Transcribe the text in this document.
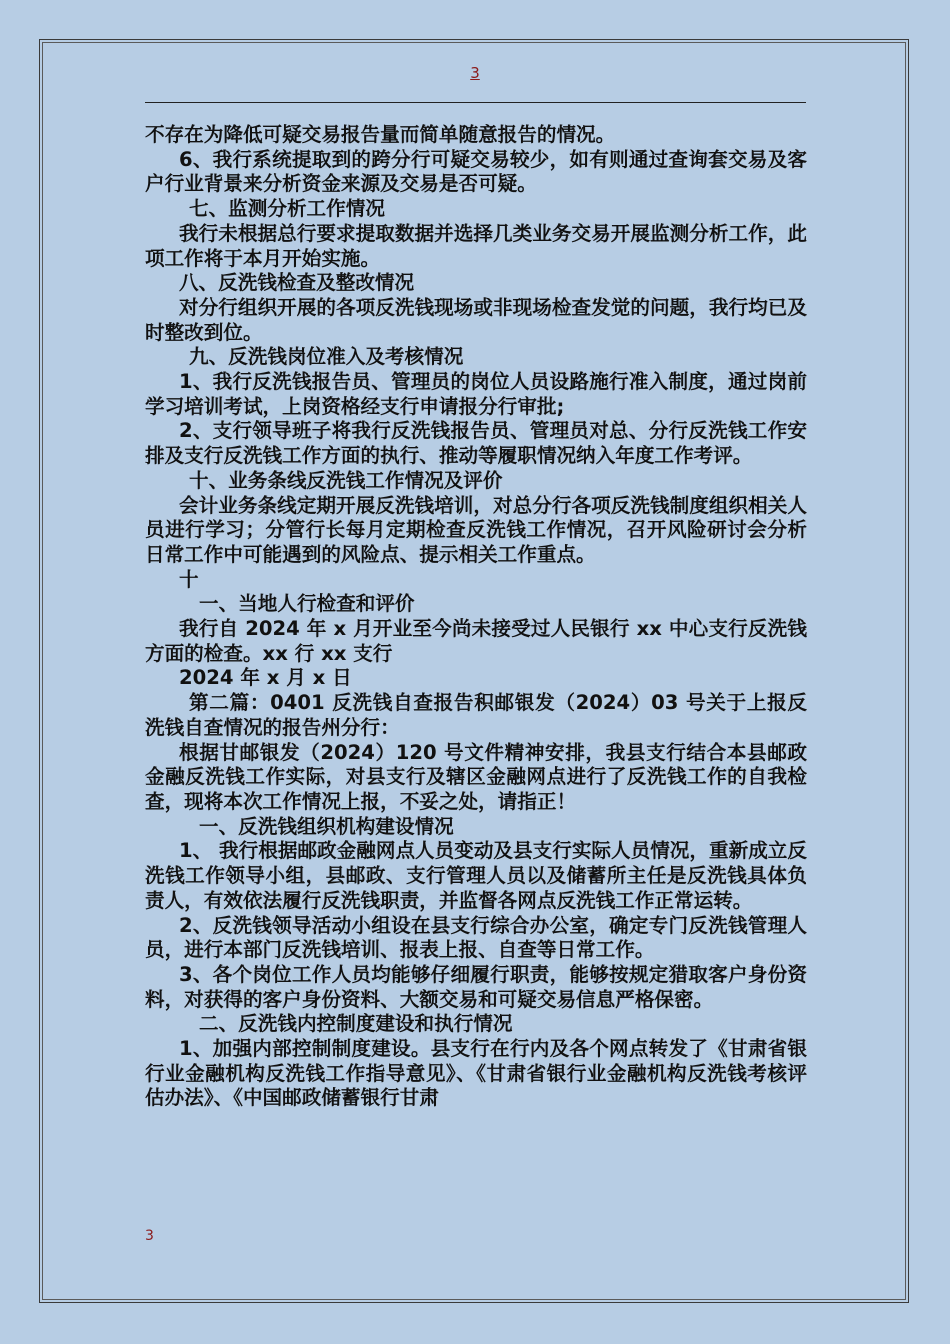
3

不存在为降低可疑交易报告量而简单随意报告的情况。

6、我行系统提取到的跨分行可疑交易较少，如有则通过查询套交易及客户行业背景来分析资金来源及交易是否可疑。

七、监测分析工作情况

我行未根据总行要求提取数据并选择几类业务交易开展监测分析工作，此项工作将于本月开始实施。

八、反洗钱检查及整改情况

对分行组织开展的各项反洗钱现场或非现场检查发觉的问题，我行均已及时整改到位。

九、反洗钱岗位准入及考核情况

1、我行反洗钱报告员、管理员的岗位人员设路施行准入制度，通过岗前学习培训考试，上岗资格经支行申请报分行审批;

2、支行领导班子将我行反洗钱报告员、管理员对总、分行反洗钱工作安排及支行反洗钱工作方面的执行、推动等履职情况纳入年度工作考评。

十、业务条线反洗钱工作情况及评价

会计业务条线定期开展反洗钱培训，对总分行各项反洗钱制度组织相关人员进行学习；分管行长每月定期检查反洗钱工作情况，召开风险研讨会分析日常工作中可能遇到的风险点、提示相关工作重点。

十

一、当地人行检查和评价

我行自 2024 年 x 月开业至今尚未接受过人民银行 xx 中心支行反洗钱方面的检查。xx 行 xx 支行

2024 年 x 月 x 日

第二篇：0401 反洗钱自查报告积邮银发（2024）03 号关于上报反洗钱自查情况的报告州分行：

根据甘邮银发（2024）120 号文件精神安排，我县支行结合本县邮政金融反洗钱工作实际，对县支行及辖区金融网点进行了反洗钱工作的自我检查，现将本次工作情况上报，不妥之处，请指正！

一、反洗钱组织机构建设情况

1、 我行根据邮政金融网点人员变动及县支行实际人员情况，重新成立反洗钱工作领导小组，县邮政、支行管理人员以及储蓄所主任是反洗钱具体负责人，有效依法履行反洗钱职责，并监督各网点反洗钱工作正常运转。

2、反洗钱领导活动小组设在县支行综合办公室，确定专门反洗钱管理人员，进行本部门反洗钱培训、报表上报、自查等日常工作。

3、各个岗位工作人员均能够仔细履行职责，能够按规定猎取客户身份资料，对获得的客户身份资料、大额交易和可疑交易信息严格保密。

二、反洗钱内控制度建设和执行情况

1、加强内部控制制度建设。县支行在行内及各个网点转发了《甘肃省银行业金融机构反洗钱工作指导意见》、《甘肃省银行业金融机构反洗钱考核评估办法》、《中国邮政储蓄银行甘肃

3
